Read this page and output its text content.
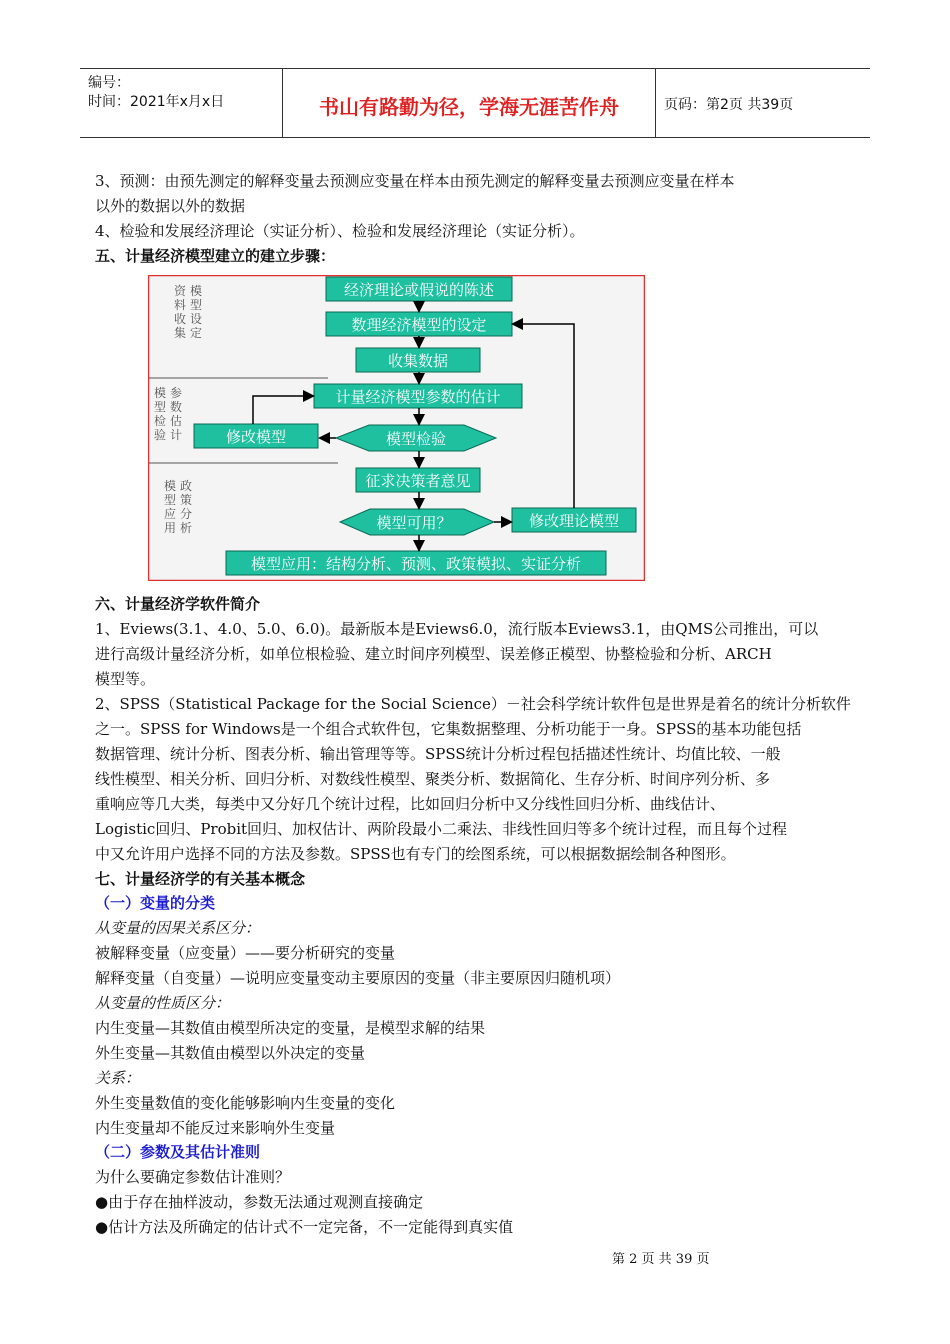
编号：
时间：2021年x月x日	书山有路勤为径，学海无涯苦作舟	页码：第2页 共39页
3、预测：由预先测定的解释变量去预测应变量在样本由预先测定的解释变量去预测应变量在样本
以外的数据以外的数据
4、检验和发展经济理论（实证分析）、检验和发展经济理论（实证分析）。
五、计量经济模型建立的建立步骤：
资料收集
模型设定
模型检验
参数估计
模型应用
政策分析
经济理论或假说的陈述
数理经济模型的设定
收集数据
计量经济模型参数的估计
修改模型	模型检验
征求决策者意见
模型可用？	修改理论模型
模型应用：结构分析、预测、政策模拟、实证分析
六、计量经济学软件简介
1、Eviews(3.1、4.0、5.0、6.0)。最新版本是Eviews6.0，流行版本Eviews3.1，由QMS公司推出，可以
进行高级计量经济分析，如单位根检验、建立时间序列模型、误差修正模型、协整检验和分析、ARCH
模型等。
2、SPSS（Statistical Package for the Social Science）－社会科学统计软件包是世界是着名的统计分析软件
之一。SPSS for Windows是一个组合式软件包，它集数据整理、分析功能于一身。SPSS的基本功能包括
数据管理、统计分析、图表分析、输出管理等等。SPSS统计分析过程包括描述性统计、均值比较、一般
线性模型、相关分析、回归分析、对数线性模型、聚类分析、数据简化、生存分析、时间序列分析、多
重响应等几大类，每类中又分好几个统计过程，比如回归分析中又分线性回归分析、曲线估计、
Logistic回归、Probit回归、加权估计、两阶段最小二乘法、非线性回归等多个统计过程，而且每个过程
中又允许用户选择不同的方法及参数。SPSS也有专门的绘图系统，可以根据数据绘制各种图形。
七、计量经济学的有关基本概念
（一）变量的分类
从变量的因果关系区分：
被解释变量（应变量）——要分析研究的变量
解释变量（自变量）—说明应变量变动主要原因的变量（非主要原因归随机项）
从变量的性质区分：
内生变量—其数值由模型所决定的变量，是模型求解的结果
外生变量—其数值由模型以外决定的变量
关系：
外生变量数值的变化能够影响内生变量的变化
内生变量却不能反过来影响外生变量
（二）参数及其估计准则
为什么要确定参数估计准则？
●由于存在抽样波动，参数无法通过观测直接确定
●估计方法及所确定的估计式不一定完备，不一定能得到真实值
第 2 页 共 39 页
